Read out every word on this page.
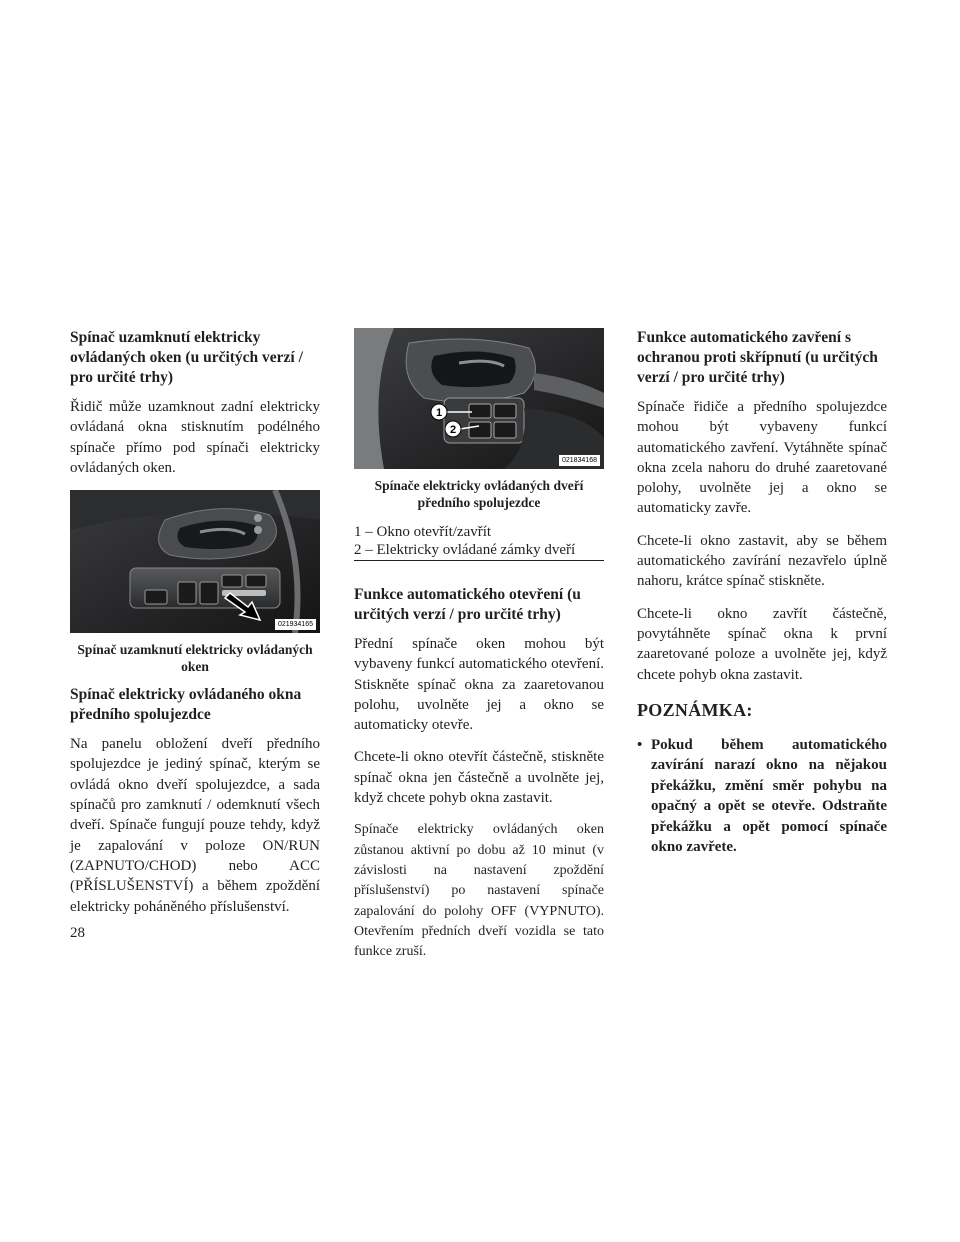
Spínač uzamknutí elektricky ovládaných oken (u určitých verzí / pro určité trhy)

Řidič může uzamknout zadní elektricky ovládaná okna stisknutím podélného spínače přímo pod spínači elektricky ovládaných oken.

021934165
Spínač uzamknutí elektricky ovládaných oken
Spínač elektricky ovládaného okna předního spolujezdce

Na panelu obložení dveří předního spolujezdce je jediný spínač, kterým se ovládá okno dveří spolujezdce, a sada spínačů pro zamknutí / odemknutí všech dveří. Spínače fungují pouze tehdy, když je zapalování v poloze ON/RUN (ZAPNUTO/CHOD) nebo ACC (PŘÍSLUŠENSTVÍ) a během zpoždění elektricky poháněného příslušenství.

1
2
021834168
Spínače elektricky ovládaných dveří předního spolujezdce
1 – Okno otevřít/zavřít
2 – Elektricky ovládané zámky dveří
Funkce automatického otevření (u určitých verzí / pro určité trhy)

Přední spínače oken mohou být vybaveny funkcí automatického otevření. Stiskněte spínač okna za zaaretovanou polohu, uvolněte jej a okno se automaticky otevře.

Chcete-li okno otevřít částečně, stiskněte spínač okna jen částečně a uvolněte jej, když chcete pohyb okna zastavit.

Spínače elektricky ovládaných oken zůstanou aktivní po dobu až 10 minut (v závislosti na nastavení zpoždění příslušenství) po nastavení spínače zapalování do polohy OFF (VYPNUTO). Otevřením předních dveří vozidla se tato funkce zruší.

Funkce automatického zavření s ochranou proti skřípnutí (u určitých verzí / pro určité trhy)

Spínače řidiče a předního spolujezdce mohou být vybaveny funkcí automatického zavření. Vytáhněte spínač okna zcela nahoru do druhé zaaretované polohy, uvolněte jej a okno se automaticky zavře.

Chcete-li okno zastavit, aby se během automatického zavírání nezavřelo úplně nahoru, krátce spínač stiskněte.

Chcete-li okno zavřít částečně, povytáhněte spínač okna k první zaaretované poloze a uvolněte jej, když chcete pohyb okna zastavit.

POZNÁMKA:
• Pokud během automatického zavírání narazí okno na nějakou překážku, změní směr pohybu na opačný a opět se otevře. Odstraňte překážku a opět pomocí spínače okno zavřete.
28
